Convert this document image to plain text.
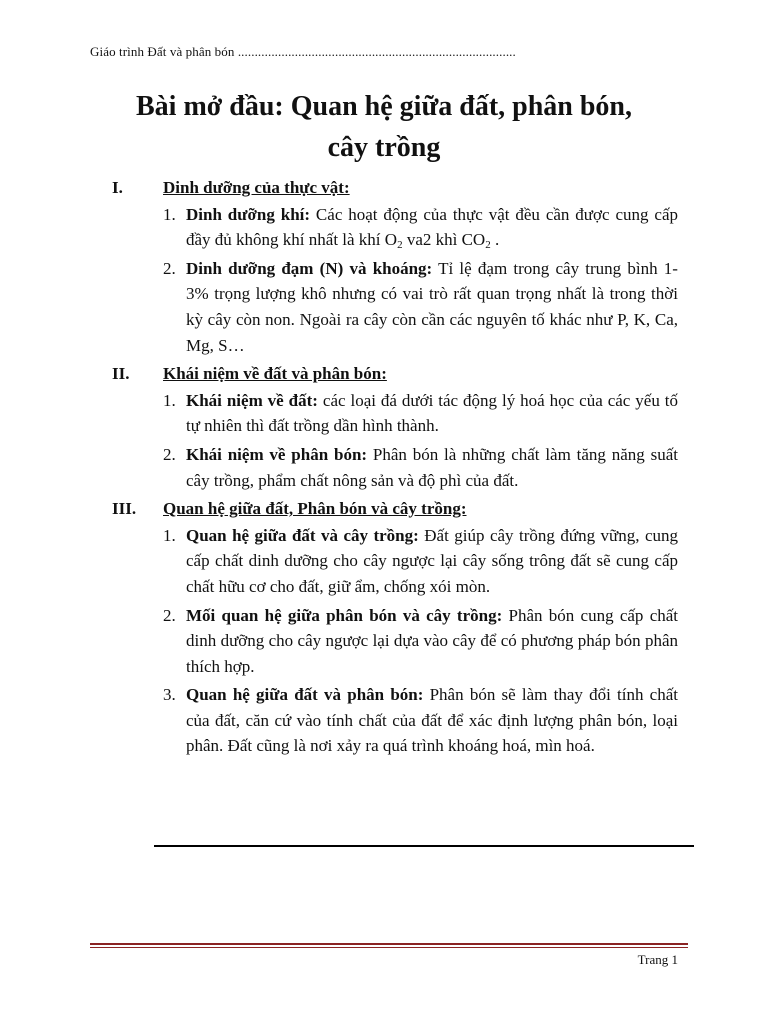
Giáo trình Đất và phân bón ...................................................................................
Bài mở đầu: Quan hệ giữa đất, phân bón,
cây trồng
I.	Dinh dưỡng của thực vật:
1. Dinh dưỡng khí: Các hoạt động của thực vật đều cần được cung cấp đầy đủ không khí nhất là khí $O_2$ va2 khì $CO_2$ .
2. Dinh dưỡng đạm (N) và khoáng: Tỉ lệ đạm trong cây trung bình 1- 3% trọng lượng khô nhưng có vai trò rất quan trọng nhất là trong thời kỳ cây còn non. Ngoài ra cây còn cần các nguyên tố khác như P, K, Ca, Mg, S…
II.	Khái niệm về đất và phân bón:
1. Khái niệm về đất: các loại đá dưới tác động lý hoá học của các yếu tố tự nhiên thì đất trồng dần hình thành.
2. Khái niệm về phân bón: Phân bón là những chất làm tăng năng suất cây trồng, phẩm chất nông sản và độ phì của đất.
III.	Quan hệ giữa đất, Phân bón và cây trồng:
1. Quan hệ giữa đất và cây trồng: Đất giúp cây trồng đứng vững, cung cấp chất dinh dưỡng cho cây ngược lại cây sống trông đất sẽ cung cấp chất hữu cơ cho đất, giữ ẩm, chống xói mòn.
2. Mối quan hệ giữa phân bón và cây trồng: Phân bón cung cấp chất dinh dưỡng cho cây ngược lại dựa vào cây để có phương pháp bón phân thích hợp.
3. Quan hệ giữa đất và phân bón: Phân bón sẽ làm thay đổi tính chất của đất, căn cứ vào tính chất của đất để xác định lượng phân bón, loại phân. Đất cũng là nơi xảy ra quá trình khoáng hoá, mìn hoá.
Trang 1
